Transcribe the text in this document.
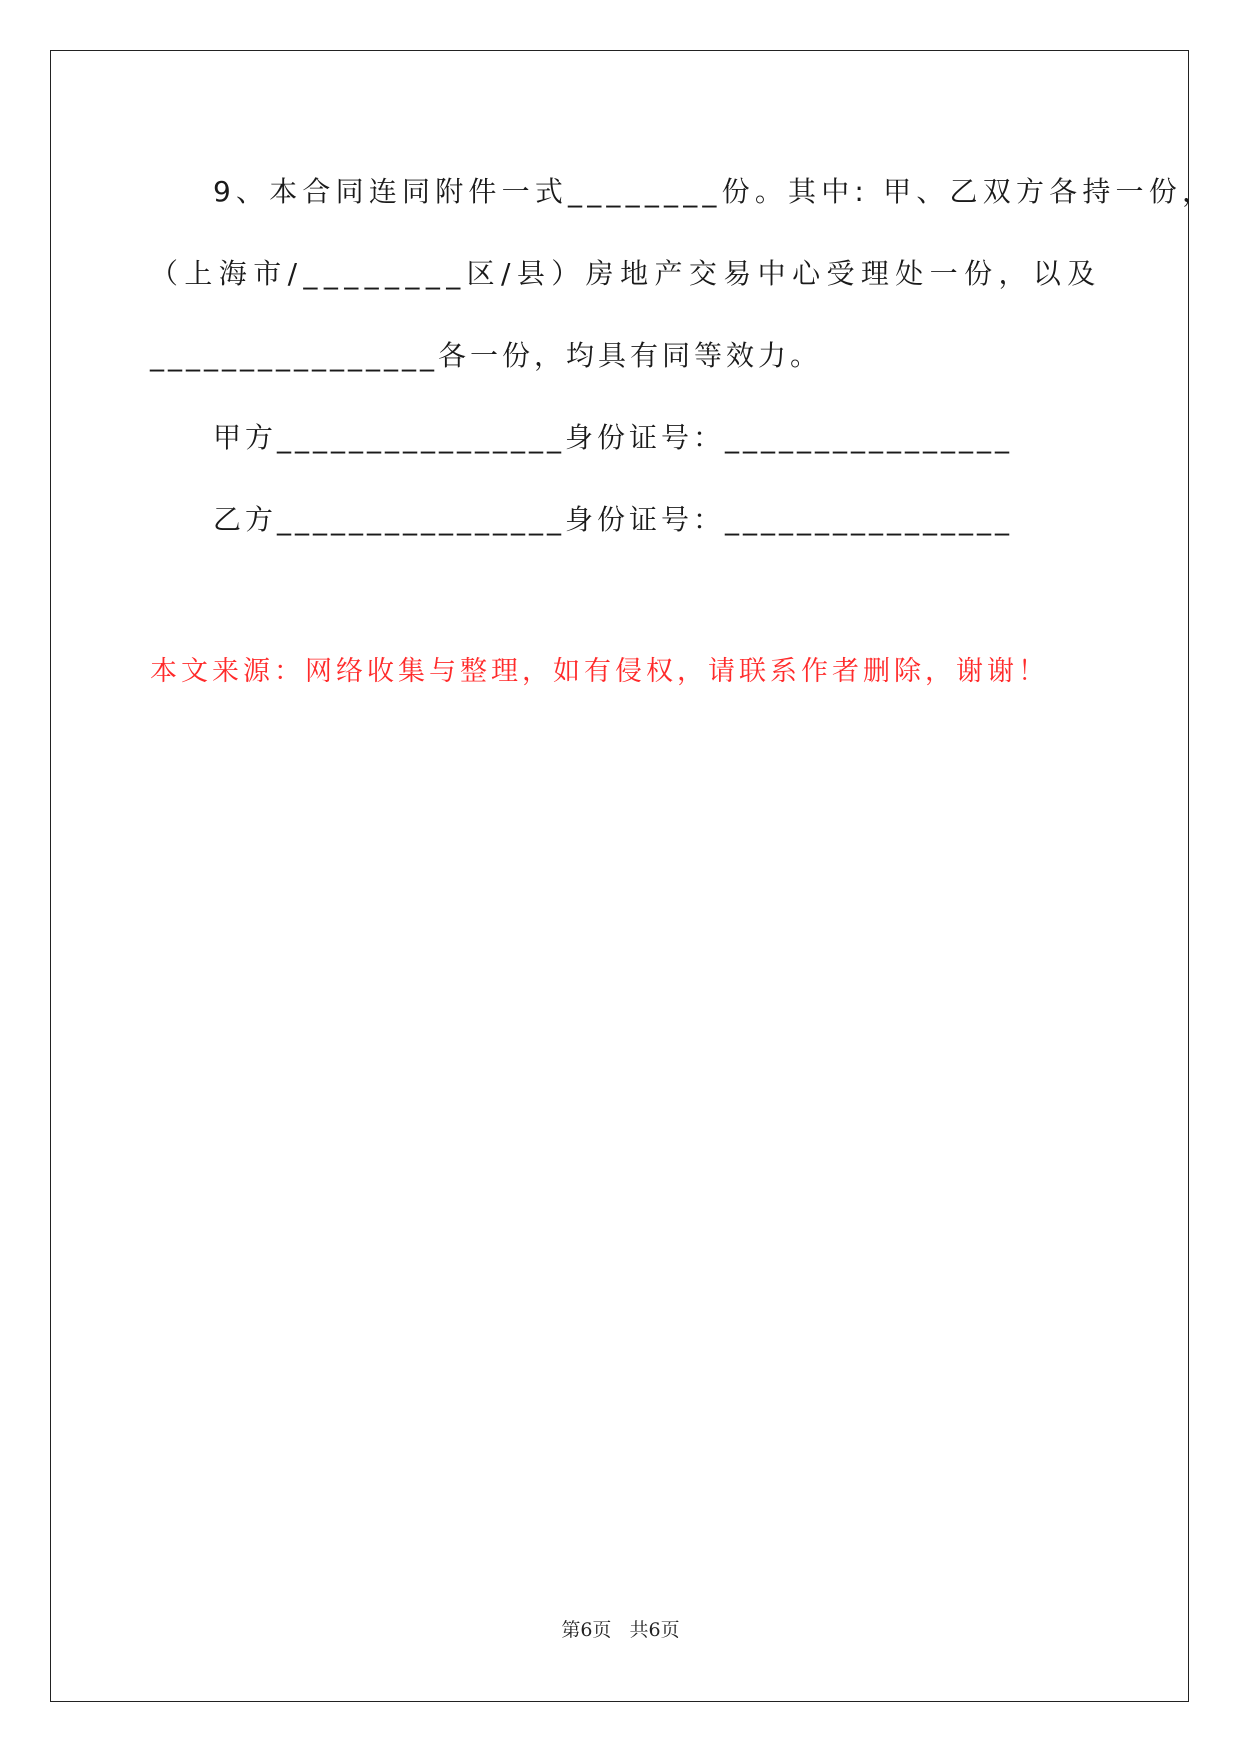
9、本合同连同附件一式________份。其中: 甲、乙双方各持一份，
（上海市/________区/县）房地产交易中心受理处一份，以及
________________各一份，均具有同等效力。
甲方________________身份证号：________________
乙方________________身份证号：________________
本文来源：网络收集与整理，如有侵权，请联系作者删除，谢谢！
第6页   共6页
